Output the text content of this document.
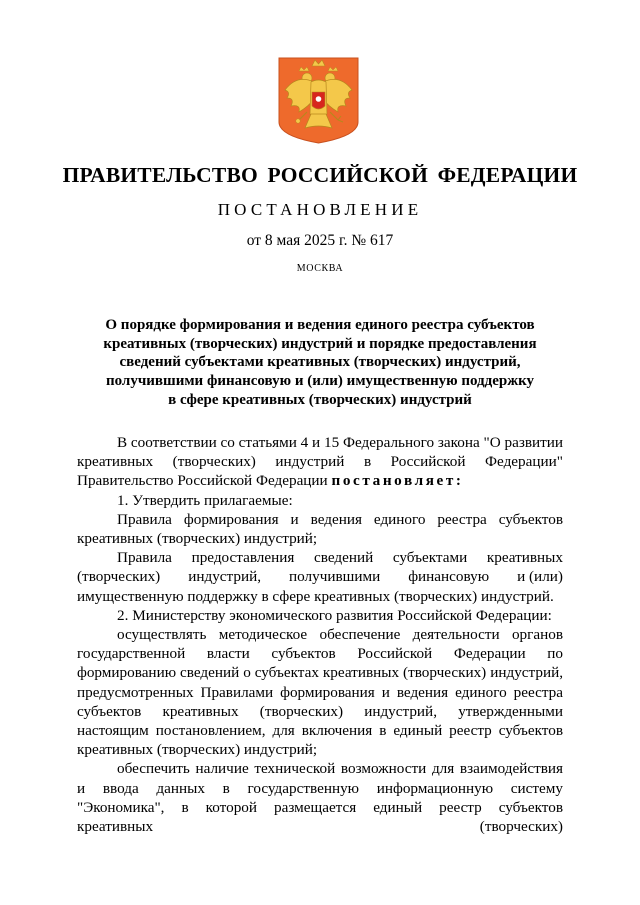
ПРАВИТЕЛЬСТВО РОССИЙСКОЙ ФЕДЕРАЦИИ
ПОСТАНОВЛЕНИЕ
от 8 мая 2025 г. № 617
МОСКВА
О порядке формирования и ведения единого реестра субъектов
креативных (творческих) индустрий и порядке предоставления
сведений субъектами креативных (творческих) индустрий,
получившими финансовую и (или) имущественную поддержку
в сфере креативных (творческих) индустрий
В соответствии со статьями 4 и 15 Федерального закона "О развитии
креативных (творческих) индустрий в Российской Федерации"
Правительство Российской Федерации постановляет:
1. Утвердить прилагаемые:
Правила формирования и ведения единого реестра субъектов креативных (творческих) индустрий;
Правила предоставления сведений субъектами креативных
(творческих) индустрий, получившими финансовую и (или)
имущественную поддержку в сфере креативных (творческих) индустрий.
2. Министерству экономического развития Российской Федерации:
осуществлять методическое обеспечение деятельности органов государственной власти субъектов Российской Федерации по формированию сведений о субъектах креативных (творческих) индустрий, предусмотренных Правилами формирования и ведения единого реестра субъектов креативных (творческих) индустрий, утвержденными настоящим постановлением, для включения в единый реестр субъектов креативных (творческих) индустрий;
обеспечить наличие технической возможности для взаимодействия и ввода данных в государственную информационную систему "Экономика", в которой размещается единый реестр субъектов креативных (творческих)
